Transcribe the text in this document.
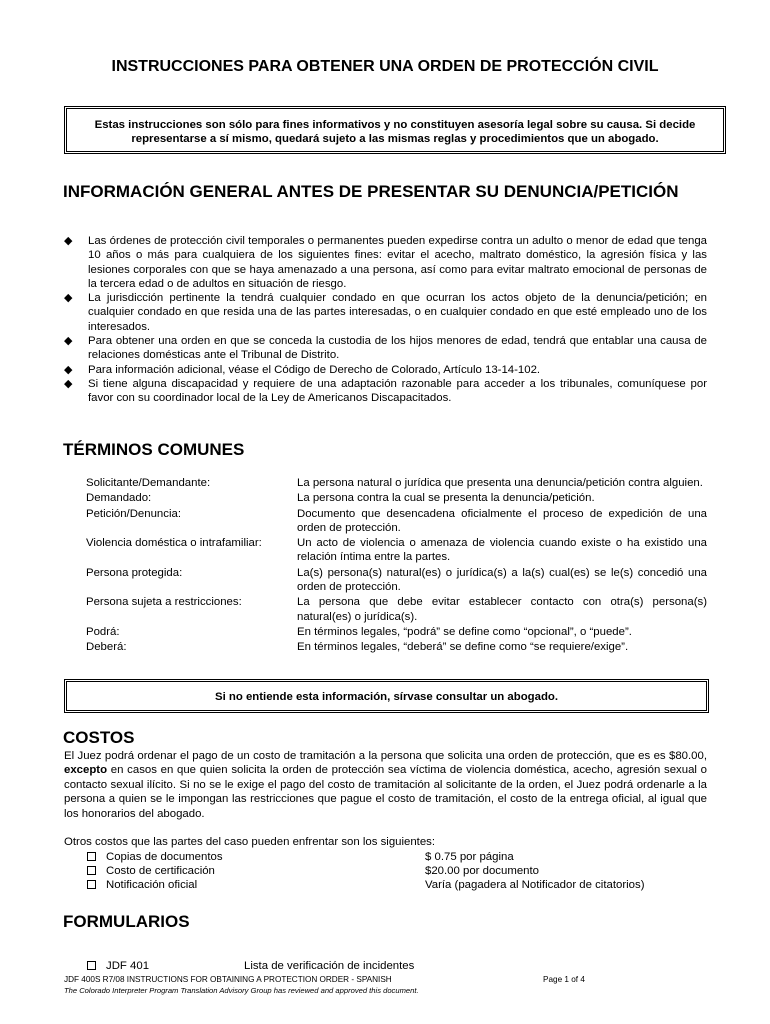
INSTRUCCIONES PARA OBTENER UNA ORDEN DE PROTECCIÓN CIVIL
Estas instrucciones son sólo para fines informativos y no constituyen asesoría legal sobre su causa. Si decide representarse a sí mismo, quedará sujeto a las mismas reglas y procedimientos que un abogado.
INFORMACIÓN GENERAL ANTES DE PRESENTAR SU DENUNCIA/PETICIÓN
◆ Las órdenes de protección civil temporales o permanentes pueden expedirse contra un adulto o menor de edad que tenga 10 años o más para cualquiera de los siguientes fines: evitar el acecho, maltrato doméstico, la agresión física y las lesiones corporales con que se haya amenazado a una persona, así como para evitar maltrato emocional de personas de la tercera edad o de adultos en situación de riesgo.
◆ La jurisdicción pertinente la tendrá cualquier condado en que ocurran los actos objeto de la denuncia/petición; en cualquier condado en que resida una de las partes interesadas, o en cualquier condado en que esté empleado uno de los interesados.
◆ Para obtener una orden en que se conceda la custodia de los hijos menores de edad, tendrá que entablar una causa de relaciones domésticas ante el Tribunal de Distrito.
◆ Para información adicional, véase el Código de Derecho de Colorado, Artículo 13-14-102.
◆ Si tiene alguna discapacidad y requiere de una adaptación razonable para acceder a los tribunales, comuníquese por favor con su coordinador local de la Ley de Americanos Discapacitados.
TÉRMINOS COMUNES
Solicitante/Demandante:	La persona natural o jurídica que presenta una denuncia/petición contra alguien.
Demandado:	La persona contra la cual se presenta la denuncia/petición.
Petición/Denuncia:	Documento que desencadena oficialmente el proceso de expedición de una orden de protección.
Violencia doméstica o intrafamiliar:	Un acto de violencia o amenaza de violencia cuando existe o ha existido una relación íntima entre la partes.
Persona protegida:	La(s) persona(s) natural(es) o jurídica(s) a la(s) cual(es) se le(s) concedió una orden de protección.
Persona sujeta a restricciones:	La persona que debe evitar establecer contacto con otra(s) persona(s) natural(es) o jurídica(s).
Podrá:	En términos legales, “podrá” se define como “opcional”, o “puede”.
Deberá:	En términos legales, “deberá” se define como “se requiere/exige”.
Si no entiende esta información, sírvase consultar un abogado.
COSTOS
El Juez podrá ordenar el pago de un costo de tramitación a la persona que solicita una orden de protección, que es es $80.00, excepto en casos en que quien solicita la orden de protección sea víctima de violencia doméstica, acecho, agresión sexual o contacto sexual ilícito. Si no se le exige el pago del costo de tramitación al solicitante de la orden, el Juez podrá ordenarle a la persona a quien se le impongan las restricciones que pague el costo de tramitación, el costo de la entrega oficial, al igual que los honorarios del abogado.
Otros costos que las partes del caso pueden enfrentar son los siguientes:
Copias de documentos	$ 0.75 por página
Costo de certificación	$20.00 por documento
Notificación oficial	Varía (pagadera al Notificador de citatorios)
FORMULARIOS
JDF 401	Lista de verificación de incidentes
JDF 400S R7/08 INSTRUCTIONS FOR OBTAINING A PROTECTION ORDER - SPANISH	Page 1 of 4
The Colorado Interpreter Program Translation Advisory Group has reviewed and approved this document.
